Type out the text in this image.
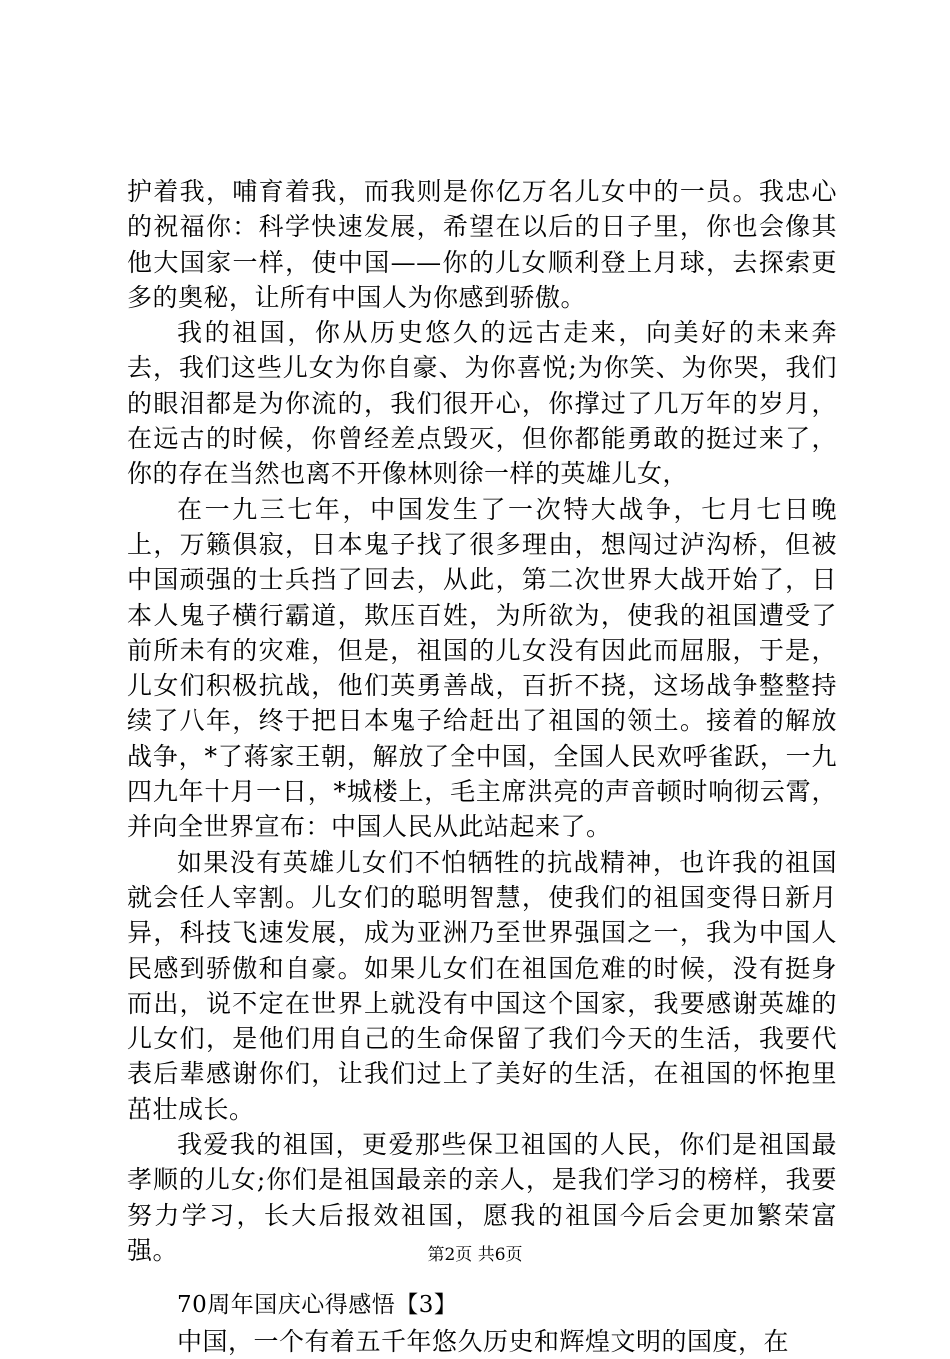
护着我，哺育着我，而我则是你亿万名儿女中的一员。我忠心的祝福你：科学快速发展，希望在以后的日子里，你也会像其他大国家一样，使中国——你的儿女顺利登上月球，去探索更多的奥秘，让所有中国人为你感到骄傲。

我的祖国，你从历史悠久的远古走来，向美好的未来奔去，我们这些儿女为你自豪、为你喜悦;为你笑、为你哭，我们的眼泪都是为你流的，我们很开心，你撑过了几万年的岁月，在远古的时候，你曾经差点毁灭，但你都能勇敢的挺过来了，你的存在当然也离不开像林则徐一样的英雄儿女，

在一九三七年，中国发生了一次特大战争，七月七日晚上，万籁俱寂，日本鬼子找了很多理由，想闯过泸沟桥，但被中国顽强的士兵挡了回去，从此，第二次世界大战开始了，日本人鬼子横行霸道，欺压百姓，为所欲为，使我的祖国遭受了前所未有的灾难，但是，祖国的儿女没有因此而屈服，于是，儿女们积极抗战，他们英勇善战，百折不挠，这场战争整整持续了八年，终于把日本鬼子给赶出了祖国的领土。接着的解放战争，*了蒋家王朝，解放了全中国，全国人民欢呼雀跃，一九四九年十月一日，*城楼上，毛主席洪亮的声音顿时响彻云霄，并向全世界宣布：中国人民从此站起来了。

如果没有英雄儿女们不怕牺牲的抗战精神，也许我的祖国就会任人宰割。儿女们的聪明智慧，使我们的祖国变得日新月异，科技飞速发展，成为亚洲乃至世界强国之一，我为中国人民感到骄傲和自豪。如果儿女们在祖国危难的时候，没有挺身而出，说不定在世界上就没有中国这个国家，我要感谢英雄的儿女们，是他们用自己的生命保留了我们今天的生活，我要代表后辈感谢你们，让我们过上了美好的生活，在祖国的怀抱里茁壮成长。

我爱我的祖国，更爱那些保卫祖国的人民，你们是祖国最孝顺的儿女;你们是祖国最亲的亲人，是我们学习的榜样，我要努力学习，长大后报效祖国，愿我的祖国今后会更加繁荣富强。

70周年国庆心得感悟【3】

中国，一个有着五千年悠久历史和辉煌文明的国度，在

第2页 共6页
